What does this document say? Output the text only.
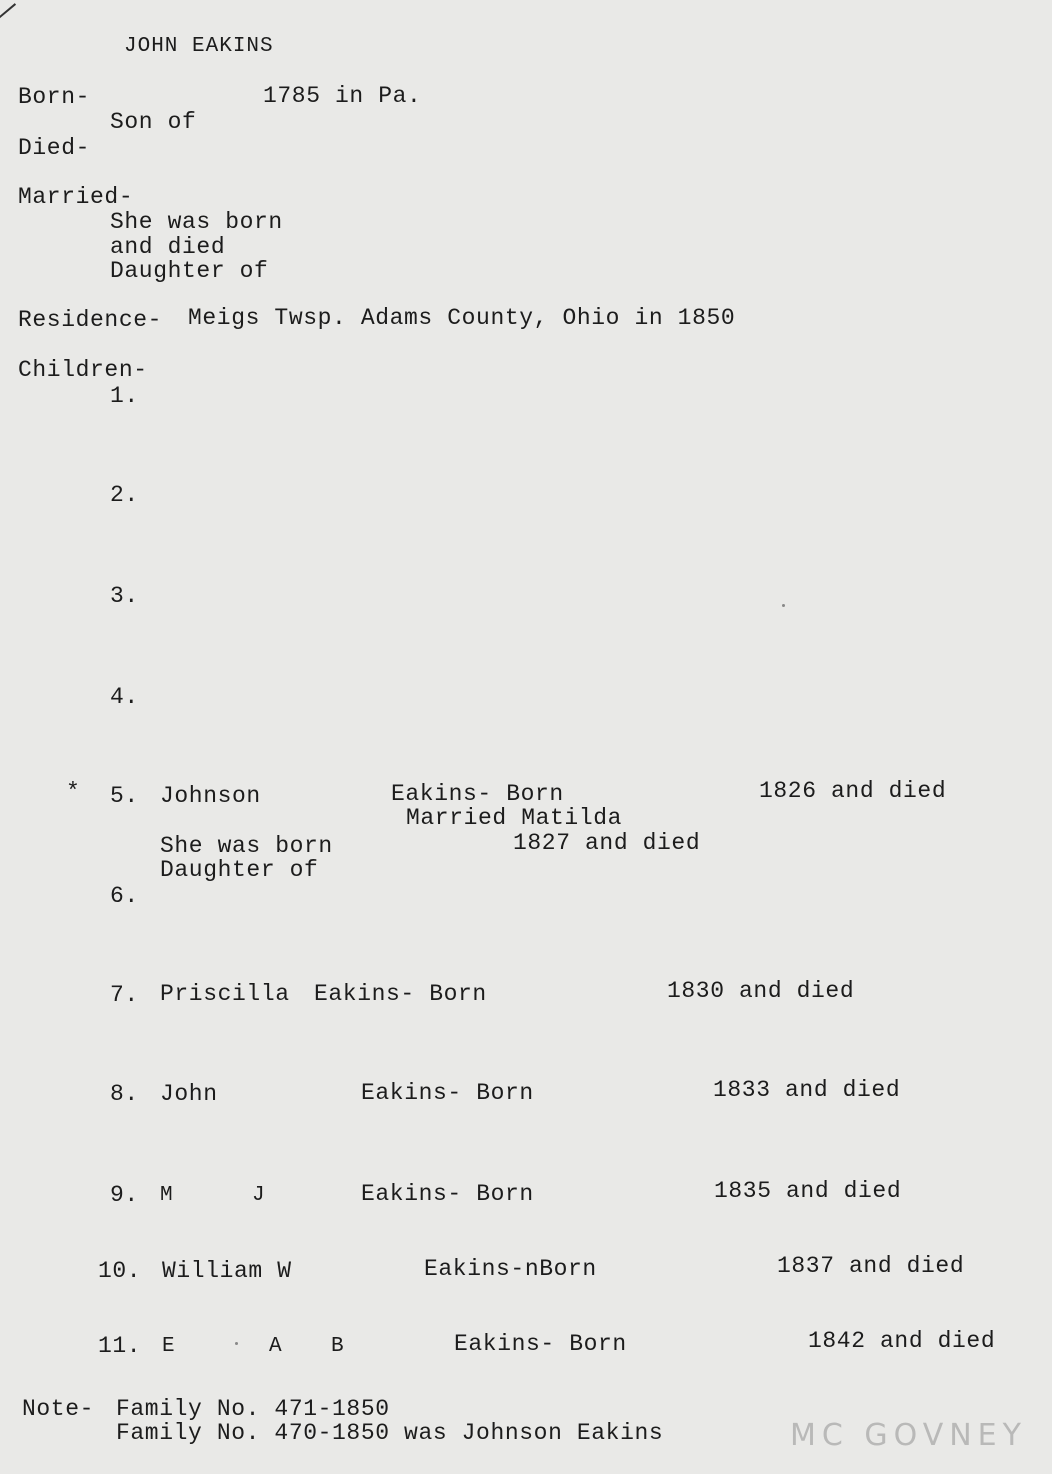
JOHN EAKINS
Born-	1785 in Pa.
Son of
Died-
Married-
She was born
and died
Daughter of
Residence- Meigs Twsp. Adams County, Ohio in 1850
Children-
1.
2.
3.
4.
* 5. Johnson	Eakins- Born	1826 and died
Married Matilda
She was born	1827 and died
Daughter of
6.
7. Priscilla Eakins- Born	1830 and died
8. John	Eakins- Born	1833 and died
9. M	J	Eakins- Born	1835 and died
10. William W	Eakins-nBorn	1837 and died
11. E	A B	Eakins- Born	1842 and died
Note- Family No. 471-1850
Family No. 470-1850 was Johnson Eakins	MC GOVNEY
